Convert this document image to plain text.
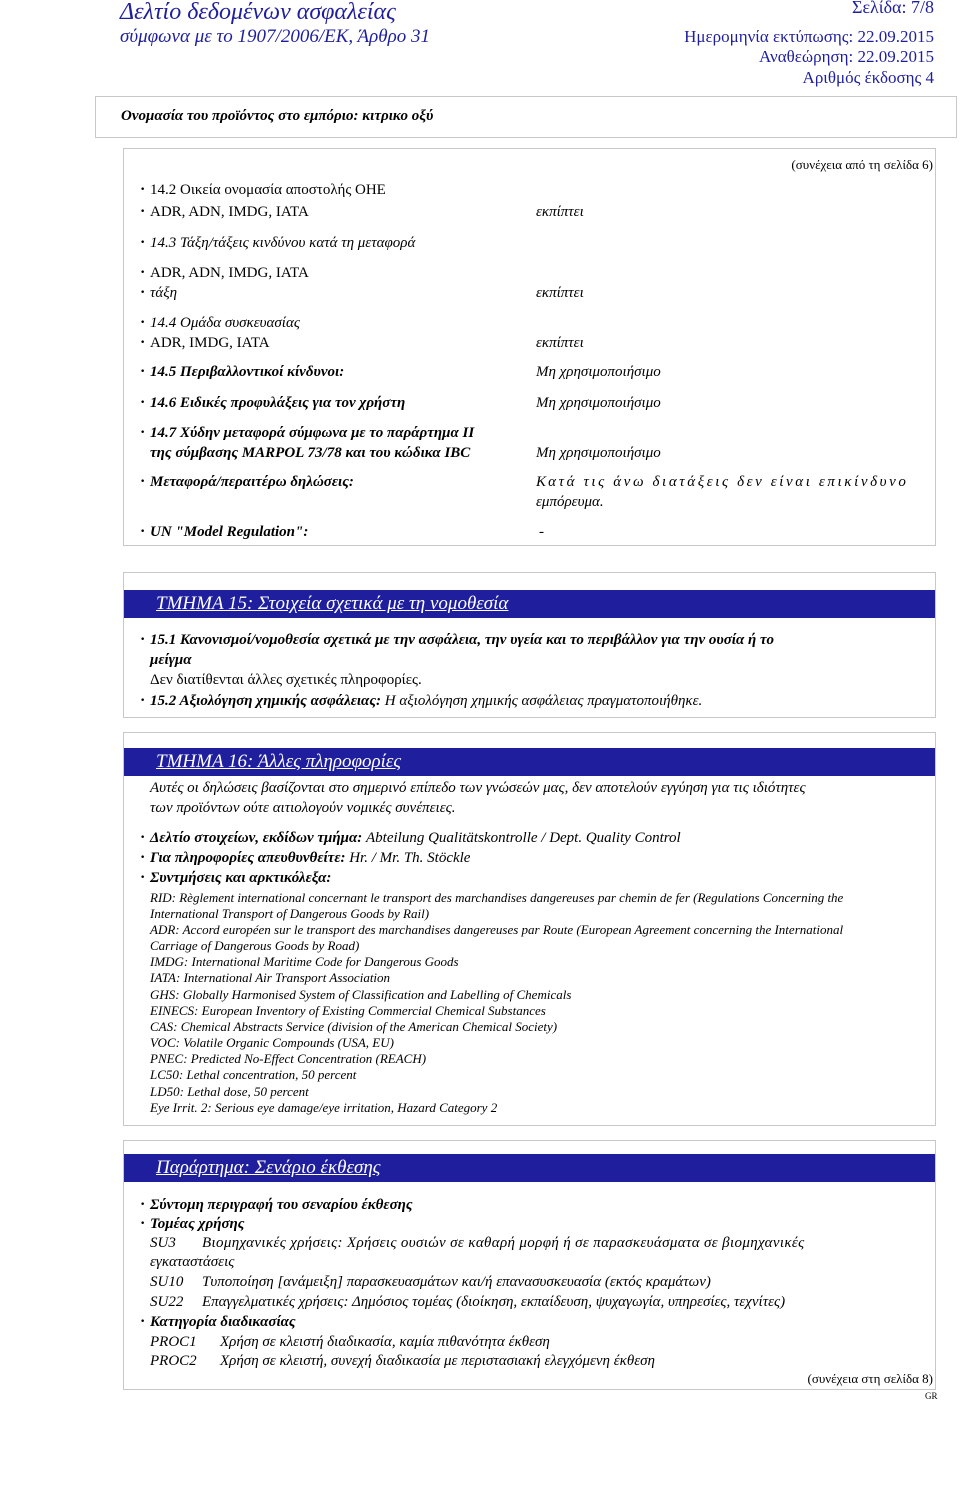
Δελτίο δεδομένων ασφαλείας
σύμφωνα με το 1907/2006/ΕΚ, Άρθρο 31
Σελίδα: 7/8
Ημερομηνία εκτύπωσης: 22.09.2015
Αναθεώρηση: 22.09.2015
Αριθμός έκδοσης 4
Ονομασία του προϊόντος στο εμπόριο: κιτρικο οξύ
(συνέχεια από τη σελίδα 6)
· 14.2 Οικεία ονομασία αποστολής ΟΗΕ
· ADR, ADN, IMDG, IATA	εκπίπτει
· 14.3 Τάξη/τάξεις κινδύνου κατά τη μεταφορά
· ADR, ADN, IMDG, IATA
· τάξη	εκπίπτει
· 14.4 Ομάδα συσκευασίας
· ADR, IMDG, IATA	εκπίπτει
· 14.5 Περιβαλλοντικοί κίνδυνοι:	Μη χρησιμοποιήσιμο
· 14.6 Ειδικές προφυλάξεις για τον χρήστη	Μη χρησιμοποιήσιμο
· 14.7 Χύδην μεταφορά σύμφωνα με το παράρτημα II
της σύμβασης MARPOL 73/78 και του κώδικα IBC	Μη χρησιμοποιήσιμο
· Μεταφορά/περαιτέρω δηλώσεις:	Κατά τις άνω διατάξεις δεν είναι επικίνδυνο
εμπόρευμα.
· UN "Model Regulation":	-
ΤΜΗΜΑ 15: Στοιχεία σχετικά με τη νομοθεσία
· 15.1 Κανονισμοί/νομοθεσία σχετικά με την ασφάλεια, την υγεία και το περιβάλλον για την ουσία ή το
μείγμα
Δεν διατίθενται άλλες σχετικές πληροφορίες.
· 15.2 Αξιολόγηση χημικής ασφάλειας: Η αξιολόγηση χημικής ασφάλειας πραγματοποιήθηκε.
ΤΜΗΜΑ 16: Άλλες πληροφορίες
Αυτές οι δηλώσεις βασίζονται στο σημερινό επίπεδο των γνώσεών μας, δεν αποτελούν εγγύηση για τις ιδιότητες
των προϊόντων ούτε αιτιολογούν νομικές συνέπειες.
· Δελτίο στοιχείων, εκδίδων τμήμα: Abteilung Qualitätskontrolle / Dept. Quality Control
· Για πληροφορίες απευθυνθείτε: Hr. / Mr. Th. Stöckle
· Συντμήσεις και αρκτικόλεξα:
RID: Règlement international concernant le transport des marchandises dangereuses par chemin de fer (Regulations Concerning the
International Transport of Dangerous Goods by Rail)
ADR: Accord européen sur le transport des marchandises dangereuses par Route (European Agreement concerning the International
Carriage of Dangerous Goods by Road)
IMDG: International Maritime Code for Dangerous Goods
IATA: International Air Transport Association
GHS: Globally Harmonised System of Classification and Labelling of Chemicals
EINECS: European Inventory of Existing Commercial Chemical Substances
CAS: Chemical Abstracts Service (division of the American Chemical Society)
VOC: Volatile Organic Compounds (USA, EU)
PNEC: Predicted No-Effect Concentration (REACH)
LC50: Lethal concentration, 50 percent
LD50: Lethal dose, 50 percent
Eye Irrit. 2: Serious eye damage/eye irritation, Hazard Category 2
Παράρτημα: Σενάριο έκθεσης
· Σύντομη περιγραφή του σεναρίου έκθεσης
· Τομέας χρήσης
SU3 Βιομηχανικές χρήσεις: Χρήσεις ουσιών σε καθαρή μορφή ή σε παρασκευάσματα σε βιομηχανικές
εγκαταστάσεις
SU10 Τυποποίηση [ανάμειξη] παρασκευασμάτων και/ή επανασυσκευασία (εκτός κραμάτων)
SU22 Επαγγελματικές χρήσεις: Δημόσιος τομέας (διοίκηση, εκπαίδευση, ψυχαγωγία, υπηρεσίες, τεχνίτες)
· Κατηγορία διαδικασίας
PROC1 Χρήση σε κλειστή διαδικασία, καμία πιθανότητα έκθεση
PROC2 Χρήση σε κλειστή, συνεχή διαδικασία με περιστασιακή ελεγχόμενη έκθεση
(συνέχεια στη σελίδα 8)
GR
